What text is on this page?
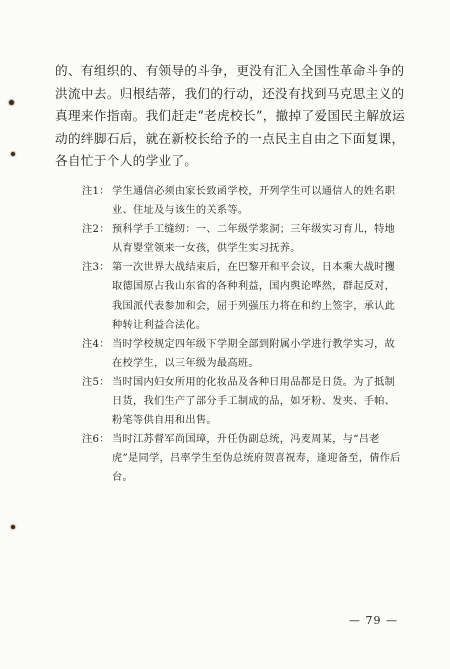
的、有组织的、有领导的斗争，更没有汇入全国性革命斗争的洪流中去。归根结蒂，我们的行动，还没有找到马克思主义的真理来作指南。我们赶走“老虎校长”，撤掉了爱国民主解放运动的绊脚石后，就在新校长给予的一点民主自由之下面复课，各自忙于个人的学业了。

注1： 学生通信必须由家长致函学校，开列学生可以通信人的姓名职业、住址及与该生的关系等。
注2： 预科学手工缝纫：一、二年级学浆洞；三年级实习育儿，特地从育婴堂领来一女孩，供学生实习抚养。
注3： 第一次世界大战结束后，在巴黎开和平会议，日本乘大战时攫取德国原占我山东省的各种利益，国内舆论哗然，群起反对，我国派代表参加和会，屈于列强压力将在和约上签字，承认此种转让利益合法化。
注4： 当时学校规定四年级下学期全部到附属小学进行教学实习，故在校学生，以三年级为最高班。
注5： 当时国内妇女所用的化妆品及各种日用品都是日货。为了抵制日货，我们生产了部分手工制成的品，如牙粉、发夹、手帕、粉笔等供自用和出售。
注6： 当时江苏督军尚国璋，升任伪副总统，冯麦周某，与“吕老虎”是同学，吕率学生至伪总统府贺喜祝寿，逢迎备至，倩作后台。
— 79 —
